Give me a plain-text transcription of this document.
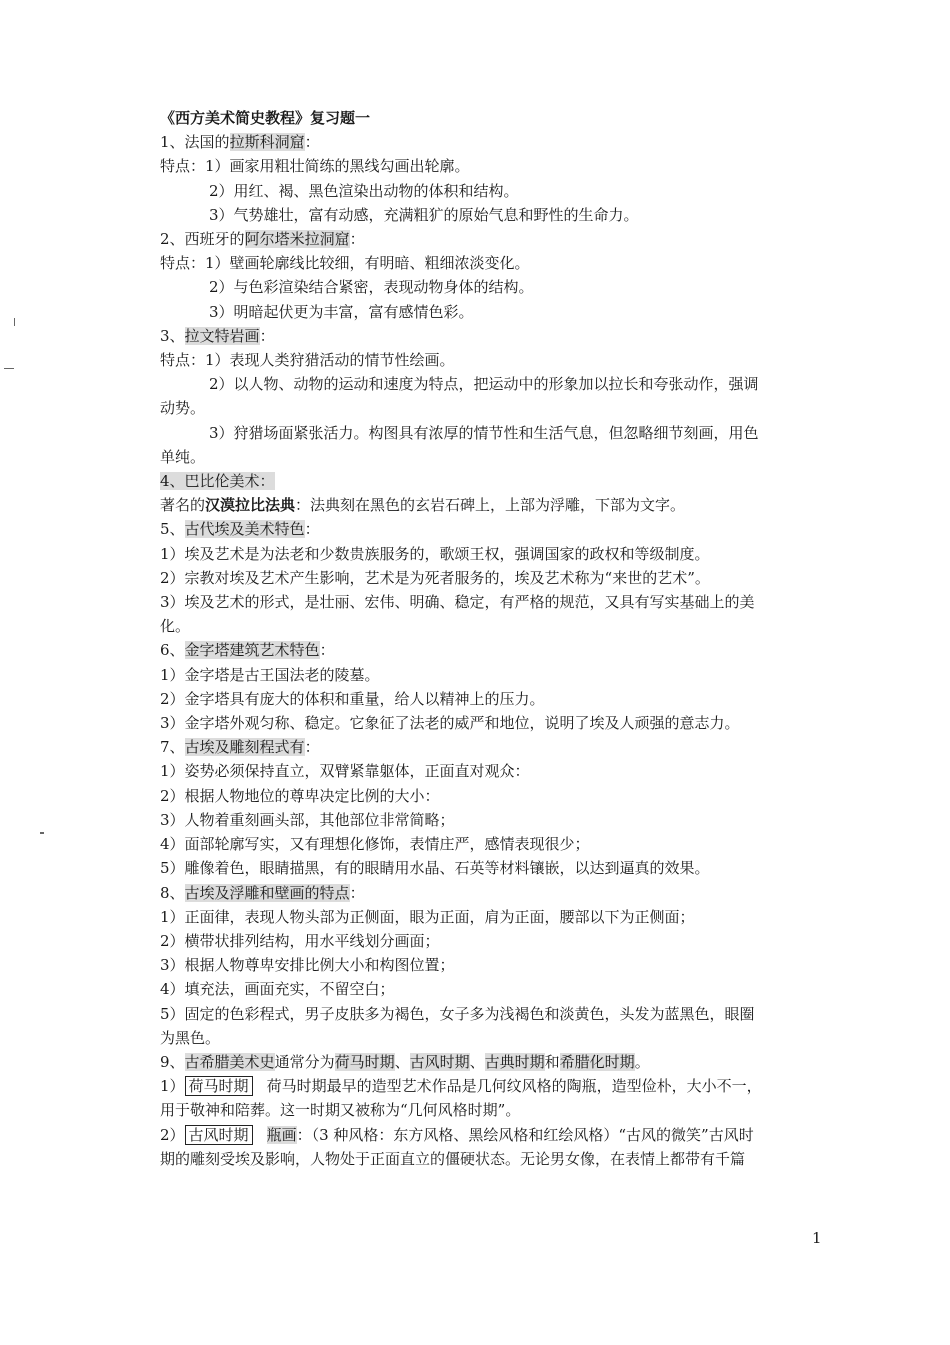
《西方美术简史教程》复习题一
1、法国的拉斯科洞窟：
特点：1）画家用粗壮简练的黑线勾画出轮廓。
2）用红、褐、黑色渲染出动物的体积和结构。
3）气势雄壮，富有动感，充满粗犷的原始气息和野性的生命力。
2、西班牙的阿尔塔米拉洞窟：
特点：1）壁画轮廓线比较细，有明暗、粗细浓淡变化。
2）与色彩渲染结合紧密，表现动物身体的结构。
3）明暗起伏更为丰富，富有感情色彩。
3、拉文特岩画：
特点：1）表现人类狩猎活动的情节性绘画。
2）以人物、动物的运动和速度为特点，把运动中的形象加以拉长和夸张动作，强调
动势。
3）狩猎场面紧张活力。构图具有浓厚的情节性和生活气息，但忽略细节刻画，用色
单纯。
4、巴比伦美术：
著名的汉漠拉比法典：法典刻在黑色的玄岩石碑上，上部为浮雕，下部为文字。
5、古代埃及美术特色：
1）埃及艺术是为法老和少数贵族服务的，歌颂王权，强调国家的政权和等级制度。
2）宗教对埃及艺术产生影响，艺术是为死者服务的，埃及艺术称为“来世的艺术”。
3）埃及艺术的形式，是壮丽、宏伟、明确、稳定，有严格的规范，又具有写实基础上的美
化。
6、金字塔建筑艺术特色：
1）金字塔是古王国法老的陵墓。
2）金字塔具有庞大的体积和重量，给人以精神上的压力。
3）金字塔外观匀称、稳定。它象征了法老的威严和地位，说明了埃及人顽强的意志力。
7、古埃及雕刻程式有：
1）姿势必须保持直立，双臂紧靠躯体，正面直对观众：
2）根据人物地位的尊卑决定比例的大小：
3）人物着重刻画头部，其他部位非常简略；
4）面部轮廓写实，又有理想化修饰，表情庄严，感情表现很少；
5）雕像着色，眼睛描黑，有的眼睛用水晶、石英等材料镶嵌，以达到逼真的效果。
8、古埃及浮雕和壁画的特点：
1）正面律，表现人物头部为正侧面，眼为正面，肩为正面，腰部以下为正侧面；
2）横带状排列结构，用水平线划分画面；
3）根据人物尊卑安排比例大小和构图位置；
4）填充法，画面充实，不留空白；
5）固定的色彩程式，男子皮肤多为褐色，女子多为浅褐色和淡黄色，头发为蓝黑色，眼圈
为黑色。
9、古希腊美术史通常分为荷马时期、古风时期、古典时期和希腊化时期。
1） 荷马时期 荷马时期最早的造型艺术作品是几何纹风格的陶瓶，造型俭朴，大小不一，
用于敬神和陪葬。这一时期又被称为“几何风格时期”。
2） 古风时期 瓶画：（3 种风格：东方风格、黑绘风格和红绘风格）“古风的微笑”古风时
期的雕刻受埃及影响，人物处于正面直立的僵硬状态。无论男女像，在表情上都带有千篇
1
